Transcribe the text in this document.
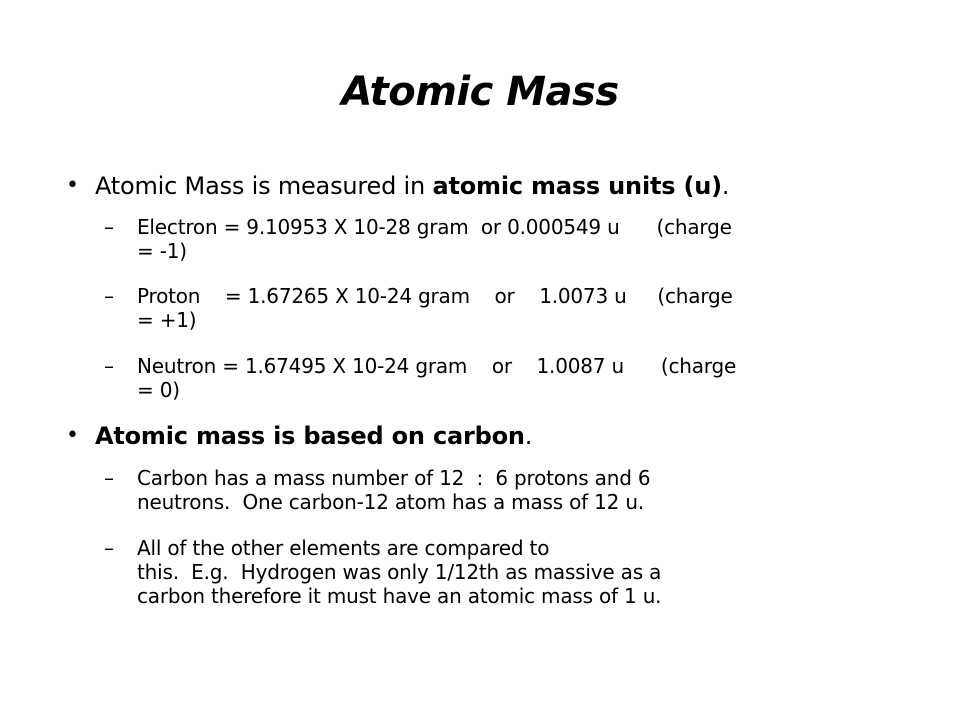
Atomic Mass
• Atomic Mass is measured in atomic mass units (u).
– Electron = 9.10953 X 10-28 gram  or 0.000549 u      (charge
= -1)
– Proton    = 1.67265 X 10-24 gram    or    1.0073 u     (charge
= +1)
– Neutron = 1.67495 X 10-24 gram    or    1.0087 u      (charge
= 0)
• Atomic mass is based on carbon.
– Carbon has a mass number of 12  :  6 protons and 6
neutrons.  One carbon-12 atom has a mass of 12 u.
– All of the other elements are compared to
this.  E.g.  Hydrogen was only 1/12th as massive as a
carbon therefore it must have an atomic mass of 1 u.
